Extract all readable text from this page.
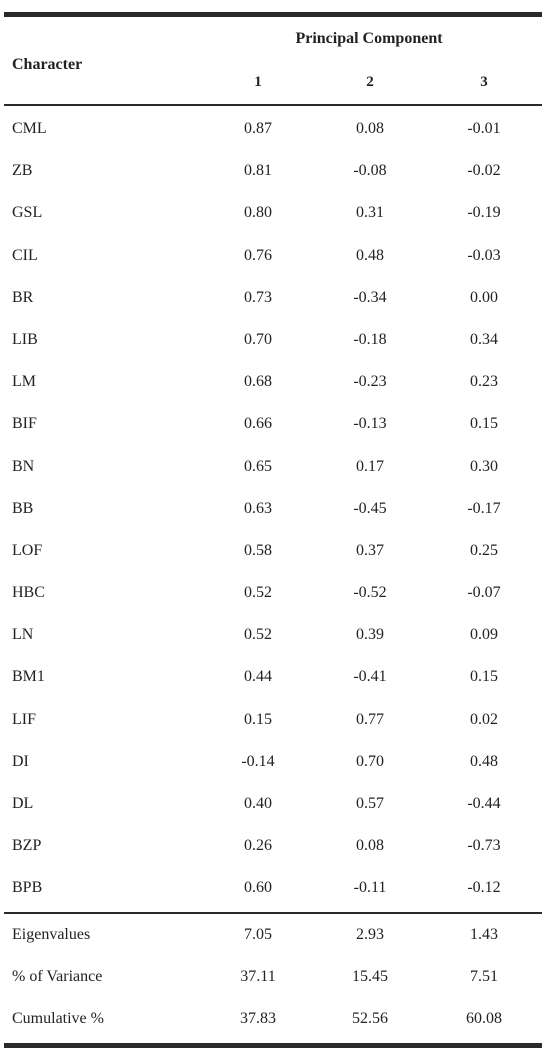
Character
Principal Component
1	2	3
CML	0.87	0.08	-0.01
ZB	0.81	-0.08	-0.02
GSL	0.80	0.31	-0.19
CIL	0.76	0.48	-0.03
BR	0.73	-0.34	0.00
LIB	0.70	-0.18	0.34
LM	0.68	-0.23	0.23
BIF	0.66	-0.13	0.15
BN	0.65	0.17	0.30
BB	0.63	-0.45	-0.17
LOF	0.58	0.37	0.25
HBC	0.52	-0.52	-0.07
LN	0.52	0.39	0.09
BM1	0.44	-0.41	0.15
LIF	0.15	0.77	0.02
DI	-0.14	0.70	0.48
DL	0.40	0.57	-0.44
BZP	0.26	0.08	-0.73
BPB	0.60	-0.11	-0.12
Eigenvalues	7.05	2.93	1.43
% of Variance	37.11	15.45	7.51
Cumulative %	37.83	52.56	60.08
